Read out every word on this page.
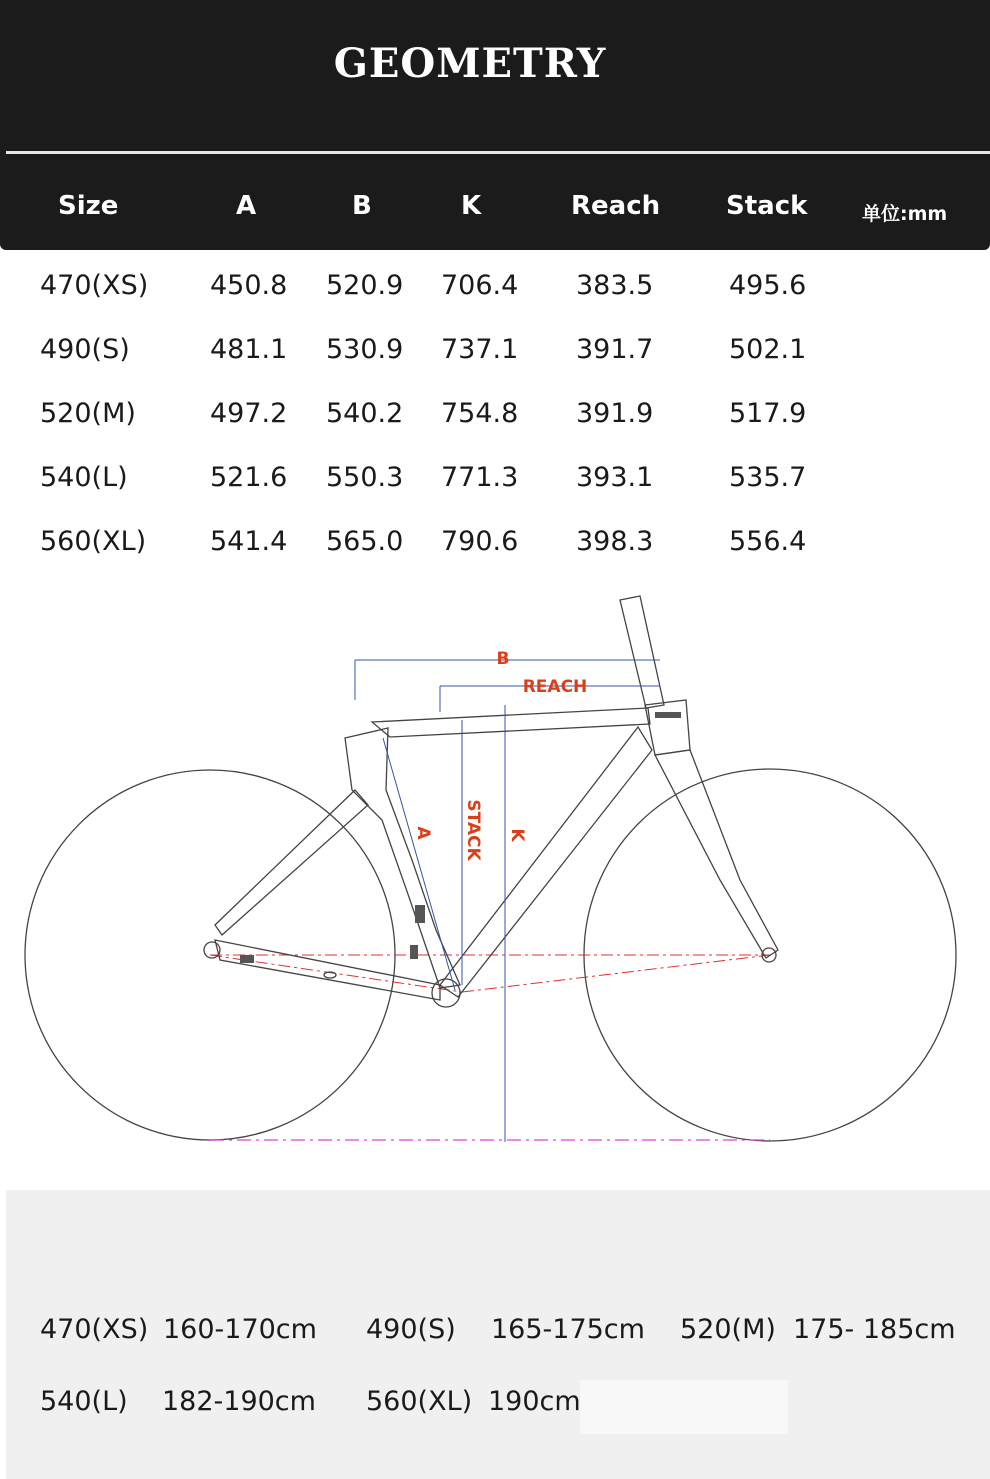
GEOMETRY
Size	A	B	K	Reach	Stack	单位:mm
470(XS) 450.8 520.9 706.4 383.5	495.6
490(S)	481.1 530.9 737.1 391.7	502.1
520(M)	497.2 540.2 754.8 391.9	517.9
540(L)	521.6 550.3 771.3 393.1	535.7
560(XL) 541.4 565.0 790.6 398.3	556.4
B
REACH
A STACK K
470(XS) 160-170cm 490(S) 165-175cm 520(M) 175- 185cm
540(L) 182-190cm 560(XL) 190cm
